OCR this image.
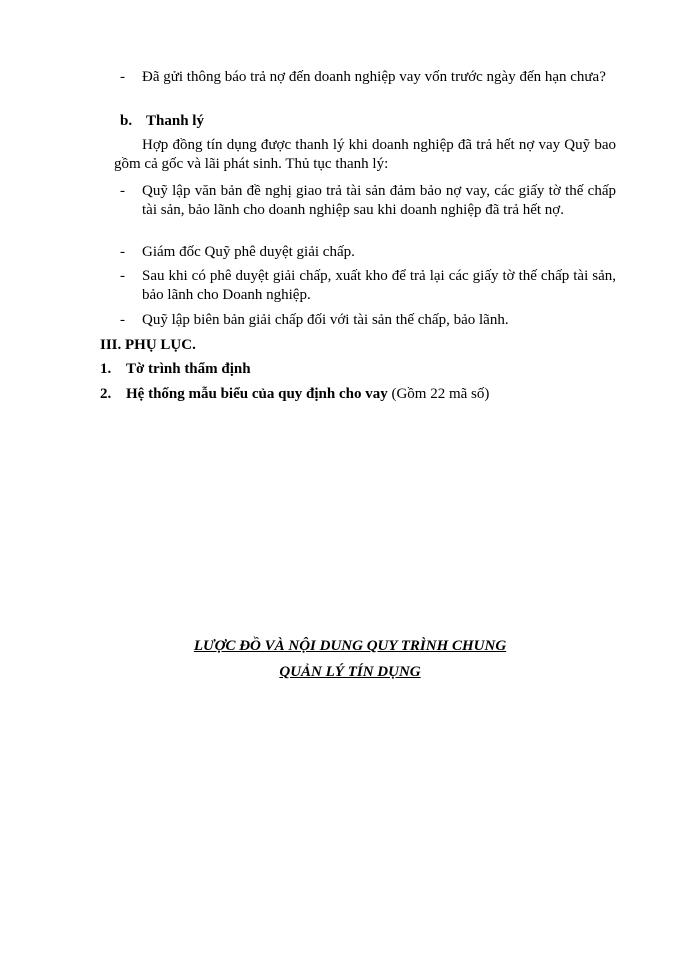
- Đã gửi thông báo trả nợ đến doanh nghiệp vay vốn trước ngày đến hạn chưa?
b. Thanh lý
Hợp đồng tín dụng được thanh lý khi doanh nghiệp đã trả hết nợ vay Quỹ bao gồm cả gốc và lãi phát sinh. Thủ tục thanh lý:
- Quỹ lập văn bản đề nghị giao trả tài sản đảm bảo nợ vay, các giấy tờ thế chấp tài sản, bảo lãnh cho doanh nghiệp sau khi doanh nghiệp đã trả hết nợ.
- Giám đốc Quỹ phê duyệt giải chấp.
- Sau khi có phê duyệt giải chấp, xuất kho để trả lại các giấy tờ thế chấp tài sản, bảo lãnh cho Doanh nghiệp.
- Quỹ lập biên bản giải chấp đối với tài sản thế chấp, bảo lãnh.
III. PHỤ LỤC.
1. Tờ trình thẩm định
2. Hệ thống mẫu biểu của quy định cho vay (Gồm 22 mã số)
LƯỢC ĐỒ VÀ NỘI DUNG QUY TRÌNH CHUNG
QUẢN LÝ TÍN DỤNG
